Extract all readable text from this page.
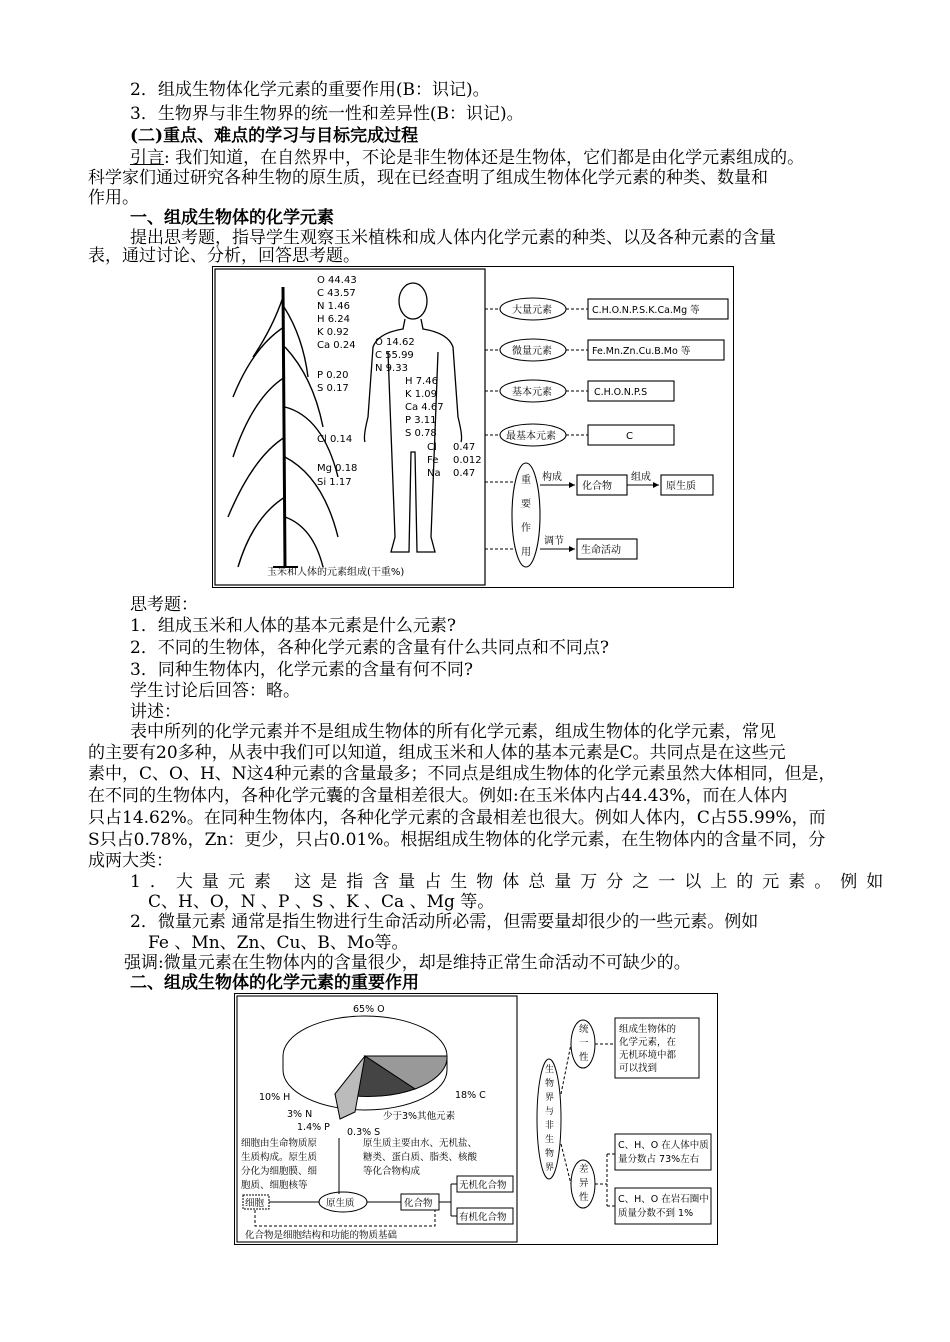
2．组成生物体化学元素的重要作用(B：识记)。
3．生物界与非生物界的统一性和差异性(B：识记)。
(二)重点、难点的学习与目标完成过程
引言: 我们知道，在自然界中，不论是非生物体还是生物体，它们都是由化学元素组成的。
科学家们通过研究各种生物的原生质，现在已经查明了组成生物体化学元素的种类、数量和
作用。
一、组成生物体的化学元素
提出思考题，指导学生观察玉米植株和成人体内化学元素的种类、以及各种元素的含量
表，通过讨论、分析，回答思考题。
思考题：
1．组成玉米和人体的基本元素是什么元素?
2．不同的生物体，各种化学元素的含量有什么共同点和不同点?
3．同种生物体内，化学元素的含量有何不同?
学生讨论后回答：略。
讲述：
表中所列的化学元素并不是组成生物体的所有化学元素，组成生物体的化学元素，常见
的主要有20多种，从表中我们可以知道，组成玉米和人体的基本元素是C。共同点是在这些元
素中，C、O、H、N这4种元素的含量最多；不同点是组成生物体的化学元素虽然大体相同，但是，
在不同的生物体内，各种化学元囊的含量相差很大。例如:在玉米体内占44.43%，而在人体内
只占14.62%。在同种生物体内，各种化学元素的含最相差也很大。例如人体内，C占55.99%，而
S只占0.78%，Zn：更少，只占0.01%。根据组成生物体的化学元素，在生物体内的含量不同，分
成两大类：
1．大量元素 这是指含量占生物体总量万分之一以上的元素。例如
C、H、O，N 、P 、S 、K 、Ca 、Mg 等。
2．微量元素 通常是指生物进行生命活动所必需，但需要量却很少的一些元素。例如
Fe 、Mn、Zn、Cu、B、Mo等。
强调:微量元素在生物体内的含量很少，却是维持正常生命活动不可缺少的。
二、组成生物体的化学元素的重要作用
O 44.43
C 43.57
N 1.46
H 6.24
K 0.92
Ca 0.24
P 0.20
S 0.17
Cl 0.14
Mg 0.18
Si 1.17
O 14.62
C 55.99
N 9.33
H 7.46
K 1.09
Ca 4.67
P 3.11
S 0.78
Cl
Fe
Na
0.47
0.012
0.47
玉米和人体的元素组成(干重%)
大量元素	C.H.O.N.P.S.K.Ca.Mg 等
微量元素	Fe.Mn.Zn.Cu.B.Mo 等
基本元素	C.H.O.N.P.S
最基本元素	C
重
要
作
用
构成
化合物
组成
原生质
调节
生命活动
65% O
18% C
10% H
3% N
1.4% P 0.3% S
少于3%其他元素
细胞由生命物质原
生质构成。原生质
分化为细胞膜、细
胞质、细胞核等
原生质主要由水、无机盐、
糖类、蛋白质、脂类、核酸
等化合物构成
细胞	原生质	化合物
无机化合物
有机化合物
化合物是细胞结构和功能的物质基础
生
物
界
与
非
生
物
界
统
一
性
组成生物体的
化学元素，在
无机环境中都
可以找到
差
异
性
C、H、O 在人体中质
量分数占 73%左右
C、H、O 在岩石圈中
质量分数不到 1%
